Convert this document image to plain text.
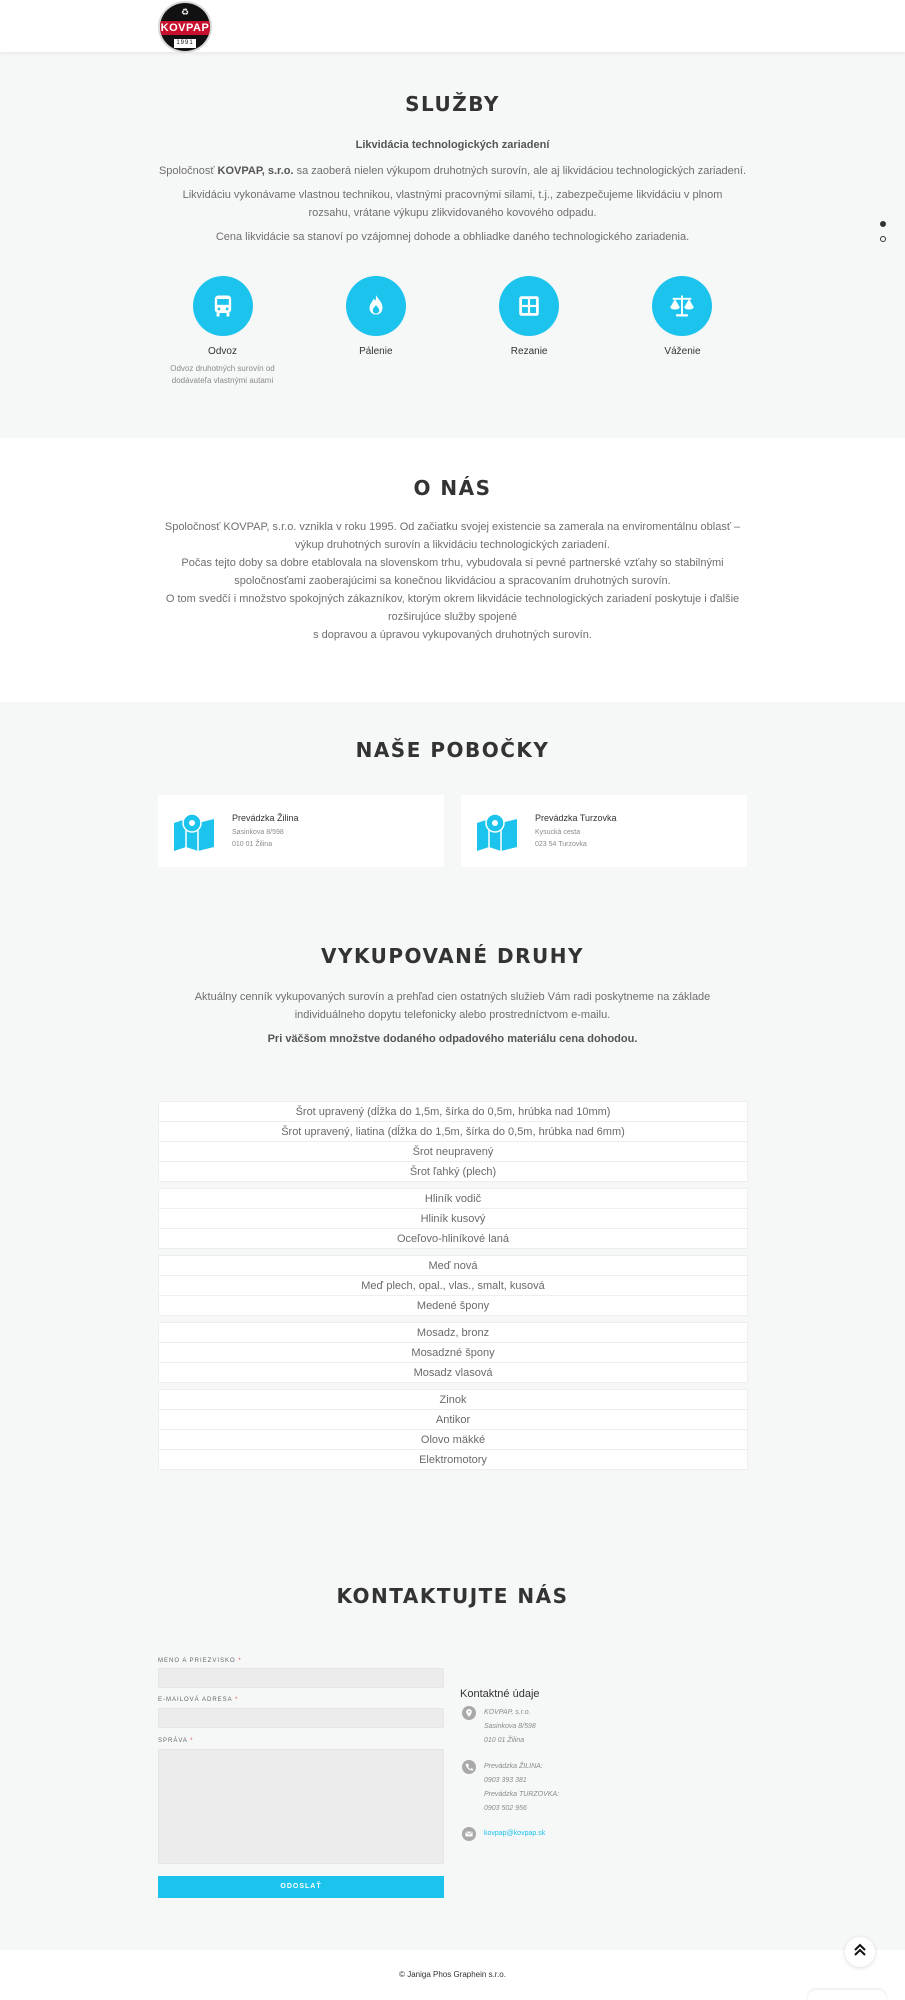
♻
KOVPAP
1991
SLUŽBY

Likvidácia technologických zariadení

Spoločnosť KOVPAP, s.r.o. sa zaoberá nielen výkupom druhotných surovín, ale aj likvidáciou technologických zariadení.

Likvidáciu vykonávame vlastnou technikou, vlastnými pracovnými silami, t.j., zabezpečujeme likvidáciu v plnom rozsahu, vrátane výkupu zlikvidovaného kovového odpadu.

Cena likvidácie sa stanoví po vzájomnej dohode a obhliadke daného technologického zariadenia.

Odvoz
Odvoz druhotných surovín od dodávateľa vlastnými autami
Pálenie	Rezanie	Váženie
O NÁS

Spoločnosť KOVPAP, s.r.o. vznikla v roku 1995. Od začiatku svojej existencie sa zamerala na enviromentálnu oblasť –

výkup druhotných surovín a likvidáciu technologických zariadení.

Počas tejto doby sa dobre etablovala na slovenskom trhu, vybudovala si pevné partnerské vzťahy so stabilnými

spoločnosťami zaoberajúcimi sa konečnou likvidáciou a spracovaním druhotných surovín.

O tom svedčí i množstvo spokojných zákazníkov, ktorým okrem likvidácie technologických zariadení poskytuje i ďalšie

rozširujúce služby spojené

s dopravou a úpravou vykupovaných druhotných surovín.

NAŠE POBOČKY
VYKUPOVANÉ DRUHY

Aktuálny cenník vykupovaných surovín a prehľad cien ostatných služieb Vám radi poskytneme na základe individuálneho dopytu telefonicky alebo prostredníctvom e-mailu.

Pri väčšom množstve dodaného odpadového materiálu cena dohodou.

Prevádzka Žilina
Sasinkova 8/598
010 01 Žilina
Prevádzka Turzovka
Kysucká cesta
023 54 Turzovka
Šrot upravený (dĺžka do 1,5m, šírka do 0,5m, hrúbka nad 10mm)
Šrot upravený, liatina (dĺžka do 1,5m, šírka do 0,5m, hrúbka nad 6mm)
Šrot neupravený
Šrot ľahký (plech)
Hliník vodič
Hliník kusový
Oceľovo-hliníkové laná
Meď nová
Meď plech, opal., vlas., smalt, kusová
Medené špony
Mosadz, bronz
Mosadzné špony
Mosadz vlasová
Zinok
Antikor
Olovo mäkké
Elektromotory
KONTAKTUJTE NÁS
MENO A PRIEZVISKO *
E-MAILOVÁ ADRESA *
SPRÁVA *
ODOSLAŤ
Kontaktné údaje
KOVPAP, s.r.o.
Sasinkova 8/598
010 01 Žilina
Prevádzka ŽILINA:
0903 393 381
Prevádzka TURZOVKA:
0903 502 956
kovpap@kovpap.sk
© Janiga Phos Graphein s.r.o.
